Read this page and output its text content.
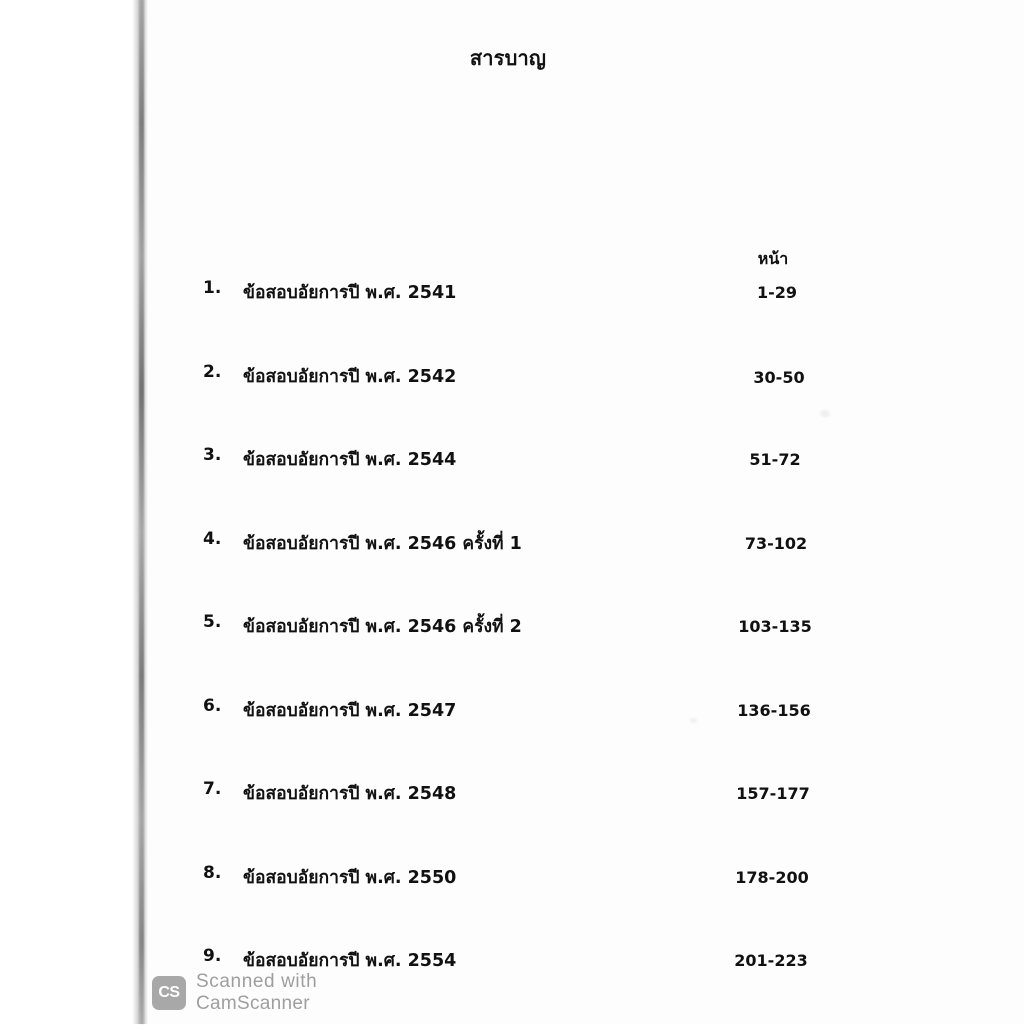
สารบาญ
หน้า
1.	ข้อสอบอัยการปี พ.ศ. 2541	1-29
2.	ข้อสอบอัยการปี พ.ศ. 2542	30-50
3.	ข้อสอบอัยการปี พ.ศ. 2544	51-72
4.	ข้อสอบอัยการปี พ.ศ. 2546 ครั้งที่ 1	73-102
5.	ข้อสอบอัยการปี พ.ศ. 2546 ครั้งที่ 2	103-135
6.	ข้อสอบอัยการปี พ.ศ. 2547	136-156
7.	ข้อสอบอัยการปี พ.ศ. 2548	157-177
8.	ข้อสอบอัยการปี พ.ศ. 2550	178-200
9.	ข้อสอบอัยการปี พ.ศ. 2554	201-223
CS Scanned with
CamScanner
